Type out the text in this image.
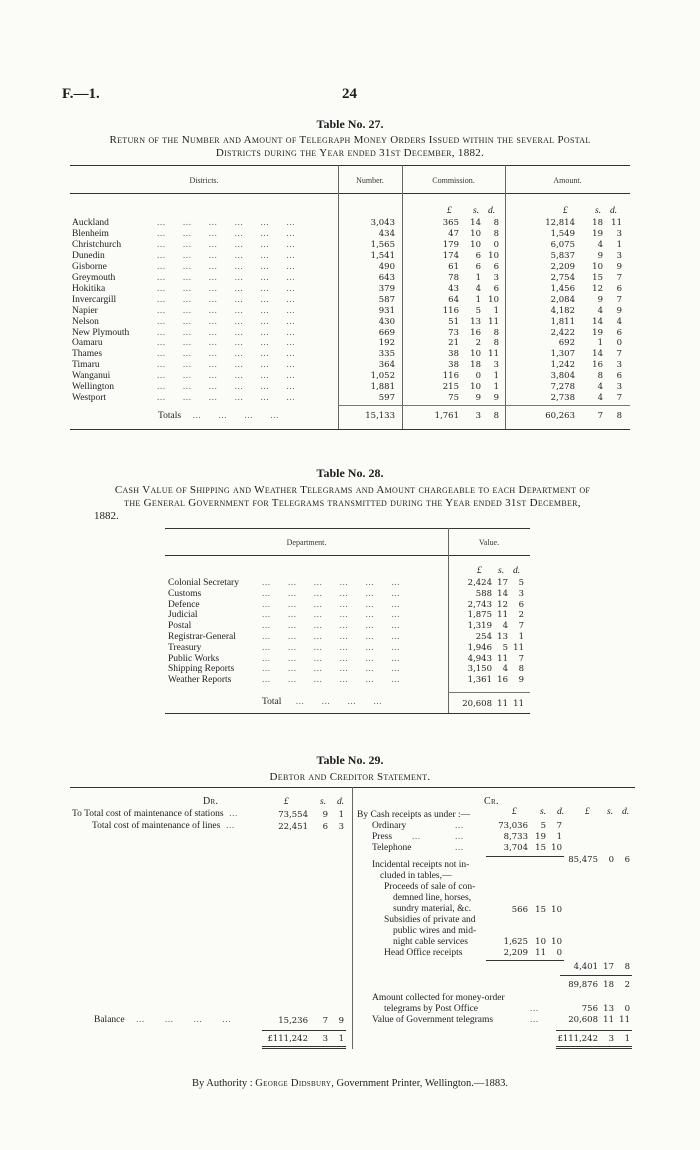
F.—1.	24
Table No. 27.
Return of the Number and Amount of Telegraph Money Orders Issued within the several Postal
Districts during the Year ended 31st December, 1882.
Districts.	Number.	Commission.	Amount.
£ s. d.	£	s. d.
Auckland	...      ...      ...      ...      ...      ...	3,043	365	14	8	12,814	18 11
Blenheim	...      ...      ...      ...      ...      ...	434	47	10	8	1,549	19	3
Christchurch	...      ...      ...      ...      ...      ...	1,565	179	10	0	6,075	4	1
Dunedin	...      ...      ...      ...      ...      ...	1,541	174	6 10	5,837	9	3
Gisborne	...      ...      ...      ...      ...      ...	490	61	6	6	2,209	10	9
Greymouth	...      ...      ...      ...      ...      ...	643	78	1	3	2,754	15	7
Hokitika	...      ...      ...      ...      ...      ...	379	43	4	6	1,456	12	6
Invercargill	...      ...      ...      ...      ...      ...	587	64	1 10	2,084	9	7
Napier	...      ...      ...      ...      ...      ...	931	116	5	1	4,182	4	9
Nelson	...      ...      ...      ...      ...      ...	430	51	13 11	1,811	14	4
New Plymouth	...      ...      ...      ...      ...      ...	669	73	16	8	2,422	19	6
Oamaru	...      ...      ...      ...      ...      ...	192	21	2	8	692	1	0
Thames	...      ...      ...      ...      ...      ...	335	38	10 11	1,307	14	7
Timaru	...      ...      ...      ...      ...      ...	364	38	18	3	1,242	16	3
Wanganui	...      ...      ...      ...      ...      ...	1,052	116	0	1	3,804	8	6
Wellington	...      ...      ...      ...      ...      ...	1,881	215	10	1	7,278	4	3
Westport	...      ...      ...      ...      ...      ...	597	75	9	9	2,738	4	7
Totals    ...      ...      ...      ...	15,133	1,761	3	8	60,263	7	8
Table No. 28.
Cash Value of Shipping and Weather Telegrams and Amount chargeable to each Department of
the General Government for Telegrams transmitted during the Year ended 31st December,
1882.
Department.	Value.
£ s. d.
Colonial Secretary ...      ...      ...      ...      ...      ...	2,424 17	5
Customs	...      ...      ...      ...      ...      ...	588 14	3
Defence	...      ...      ...      ...      ...      ...	2,743 12	6
Judicial	...      ...      ...      ...      ...      ...	1,875 11	2
Postal	...      ...      ...      ...      ...      ...	1,319	4	7
Registrar-General	...      ...      ...      ...      ...      ...	254 13	1
Treasury	...      ...      ...      ...      ...      ...	1,946	5 11
Public Works	...      ...      ...      ...      ...      ...	4,943 11	7
Shipping Reports	...      ...      ...      ...      ...      ...	3,150	4	8
Weather Reports	...      ...      ...      ...      ...      ...	1,361 16	9
Total     ...      ...      ...      ...	20,608 11 11
Table No. 29.
Debtor and Creditor Statement.
Dr.	£	s. d.	Cr.
£ s. d. £ s. d.
To Total cost of maintenance of stations  ...	73,554	9	1
Total cost of maintenance of lines  ...	22,451	6	3
Balance    ...       ...       ...       ...	15,236	7	9
£111,242	3	1
By Cash receipts as under :—
Ordinary	...	73,036	5	7
Press ...	...	8,733 19	1
Telephone	...	3,704 15 10
85,475	0	6
Incidental receipts not in-
cluded in tables,—
Proceeds of sale of con-
demned line, horses,
sundry material, &c.	566 15 10
Subsidies of private and
public wires and mid-
night cable services	1,625 10 10
Head Office receipts	2,209 11	0
4,401 17	8
89,876 18	2
Amount collected for money-order
telegrams by Post Office	...	756 13	0
Value of Government telegrams	...	20,608 11 11
£111,242	3	1
By Authority : George Didsbury, Government Printer, Wellington.—1883.
